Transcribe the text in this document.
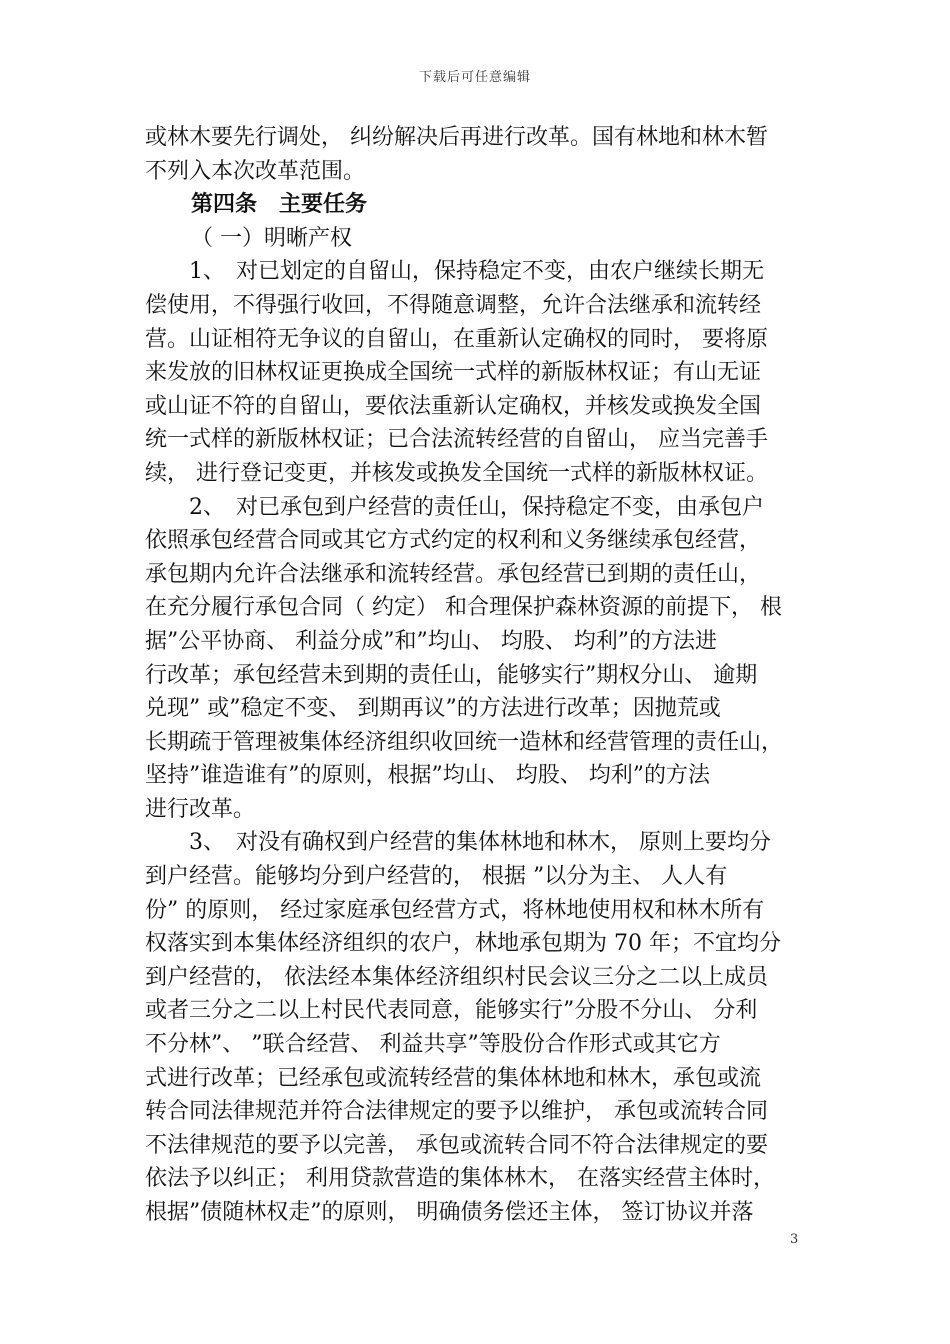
下载后可任意编辑
或林木要先行调处， 纠纷解决后再进行改革。国有林地和林木暂
不列入本次改革范围。
第四条　主要任务
（ 一）明晰产权
1、　对已划定的自留山，保持稳定不变，由农户继续长期无
偿使用，不得强行收回，不得随意调整，允许合法继承和流转经
营。山证相符无争议的自留山，在重新认定确权的同时， 要将原
来发放的旧林权证更换成全国统一式样的新版林权证；有山无证
或山证不符的自留山，要依法重新认定确权，并核发或换发全国
统一式样的新版林权证；已合法流转经营的自留山， 应当完善手
续， 进行登记变更，并核发或换发全国统一式样的新版林权证。
2、　对已承包到户经营的责任山，保持稳定不变，由承包户
依照承包经营合同或其它方式约定的权利和义务继续承包经营，
承包期内允许合法继承和流转经营。承包经营已到期的责任山，
在充分履行承包合同（ 约定） 和合理保护森林资源的前提下， 根
据”公平协商、 利益分成”和”均山、 均股、 均利”的方法进
行改革；承包经营未到期的责任山，能够实行”期权分山、 逾期
兑现” 或”稳定不变、 到期再议”的方法进行改革；因抛荒或
长期疏于管理被集体经济组织收回统一造林和经营管理的责任山，
坚持”谁造谁有”的原则，根据”均山、 均股、 均利”的方法
进行改革。
3、　对没有确权到户经营的集体林地和林木， 原则上要均分
到户经营。能够均分到户经营的， 根据 ”以分为主、 人人有
份” 的原则， 经过家庭承包经营方式，将林地使用权和林木所有
权落实到本集体经济组织的农户，林地承包期为 70 年；不宜均分
到户经营的， 依法经本集体经济组织村民会议三分之二以上成员
或者三分之二以上村民代表同意，能够实行”分股不分山、 分利
不分林”、 ”联合经营、 利益共享”等股份合作形式或其它方
式进行改革；已经承包或流转经营的集体林地和林木，承包或流
转合同法律规范并符合法律规定的要予以维护， 承包或流转合同
不法律规范的要予以完善， 承包或流转合同不符合法律规定的要
依法予以纠正； 利用贷款营造的集体林木， 在落实经营主体时，
根据”债随林权走”的原则， 明确债务偿还主体， 签订协议并落
3
